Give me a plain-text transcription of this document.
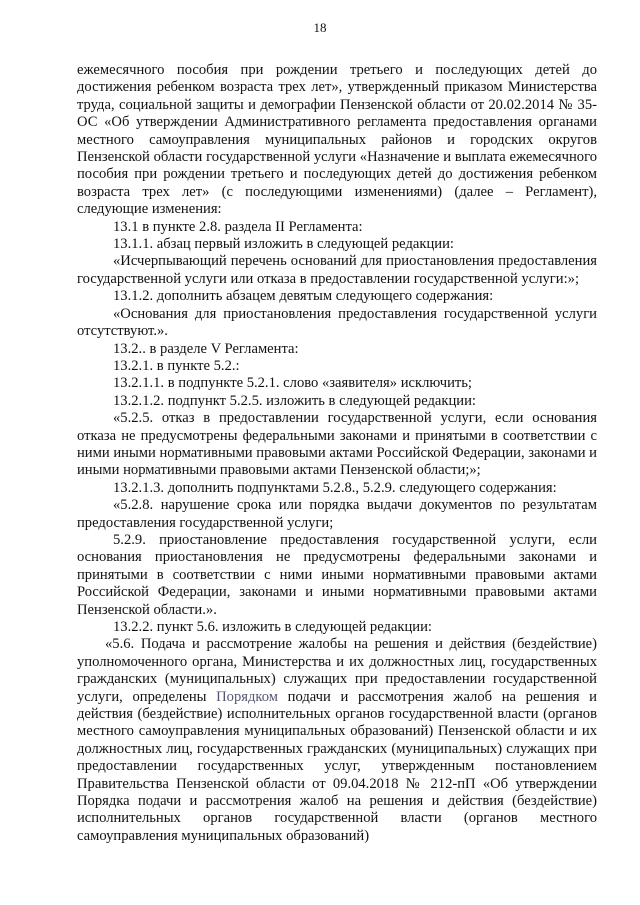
18

ежемесячного пособия при рождении третьего и последующих детей до достижения ребенком возраста трех лет», утвержденный приказом Министерства труда, социальной защиты и демографии Пензенской области от 20.02.2014 № 35-ОС «Об утверждении Административного регламента предоставления органами местного самоуправления муниципальных районов и городских округов Пензенской области государственной услуги «Назначение и выплата ежемесячного пособия при рождении третьего и последующих детей до достижения ребенком возраста трех лет» (с последующими изменениями) (далее – Регламент), следующие изменения:

13.1 в пункте 2.8. раздела II Регламента:

13.1.1. абзац первый изложить в следующей редакции:

«Исчерпывающий перечень оснований для приостановления предоставления государственной услуги или отказа в предоставлении государственной услуги:»;

13.1.2. дополнить абзацем девятым следующего содержания:

«Основания для приостановления предоставления государственной услуги отсутствуют.».

13.2.. в разделе V Регламента:

13.2.1. в пункте 5.2.:

13.2.1.1. в подпункте 5.2.1. слово «заявителя» исключить;

13.2.1.2. подпункт 5.2.5. изложить в следующей редакции:

«5.2.5. отказ в предоставлении государственной услуги, если основания отказа не предусмотрены федеральными законами и принятыми в соответствии с ними иными нормативными правовыми актами Российской Федерации, законами и иными нормативными правовыми актами Пензенской области;»;

13.2.1.3. дополнить подпунктами 5.2.8., 5.2.9. следующего содержания:

«5.2.8. нарушение срока или порядка выдачи документов по результатам предоставления государственной услуги;

5.2.9. приостановление предоставления государственной услуги, если основания приостановления не предусмотрены федеральными законами и принятыми в соответствии с ними иными нормативными правовыми актами Российской Федерации, законами и иными нормативными правовыми актами Пензенской области.».

13.2.2. пункт 5.6. изложить в следующей редакции:

«5.6. Подача и рассмотрение жалобы на решения и действия (бездействие) уполномоченного органа, Министерства и их должностных лиц, государственных гражданских (муниципальных) служащих при предоставлении государственной услуги, определены Порядком подачи и рассмотрения жалоб на решения и действия (бездействие) исполнительных органов государственной власти (органов местного самоуправления муниципальных образований) Пензенской области и их должностных лиц, государственных гражданских (муниципальных) служащих при предоставлении государственных услуг, утвержденным постановлением Правительства Пензенской области от 09.04.2018 № 212-пП «Об утверждении Порядка подачи и рассмотрения жалоб на решения и действия (бездействие) исполнительных органов государственной власти (органов местного самоуправления муниципальных образований)
